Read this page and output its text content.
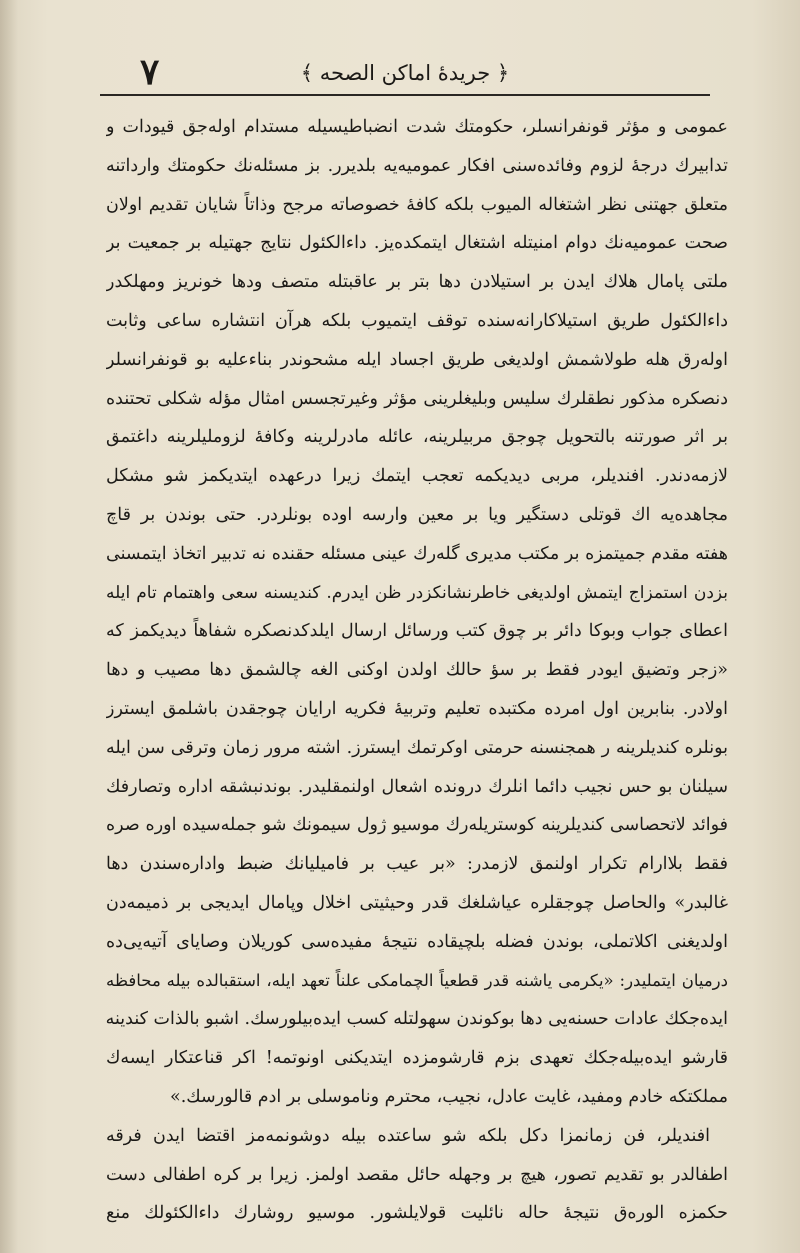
۷	﴿ جریدۀ اماکن الصحه ﴾
عمومی و مؤثر قونفرانسلر، حکومتك شدت انضباطیسیله مستدام اوله‌جق قیودات و
تدابیرك درجۀ لزوم وفائده‌سنی افکار عمومیه‌یه بلدیرر. بز مسئله‌نك حکومتك وارداتنه
متعلق جهتنی نظر اشتغاله المیوب بلکه کافۀ خصوصاته مرجح وذاتاً شایان تقدیم اولان
صحت عمومیه‌نك دوام امنیتله اشتغال ایتمکده‌یز. داءالکئول نتایج جهتیله بر جمعیت بر
ملتی پامال هلاك ایدن بر استیلادن دها بتر بر عاقبتله متصف ودها خونریز ومهلکدر
داءالکئول طریق استیلاکارانه‌سنده توقف ایتمیوب بلکه هرآن انتشاره ساعی وثابت
اوله‌رق هله طولاشمش اولدیغی طریق اجساد ایله مشحوندر بناءعلیه بو قونفرانسلر
دنصکره مذکور نطقلرك سلیس وبلیغلرینی مؤثر وغیرتجسس امثال مؤله شکلی تحتنده
بر اثر صورتنه بالتحویل چوجق مربیلرینه، عائله مادرلرینه وکافۀ لزوملیلرینه داغتمق
لازمه‌دندر. افندیلر، مربی دیدیکمه تعجب ایتمك زیرا درعهده ایتدیکمز شو مشکل
مجاهده‌یه اك قوتلی دستگیر ویا بر معین وارسه اوده بونلردر. حتی بوندن بر قاچ
هفته مقدم جمیتمزه بر مکتب مدیری گله‌رك عینی مسئله حقنده نه تدبیر اتخاذ ایتمسنی
بزدن استمزاج ایتمش اولدیغی خاطرنشانکزدر ظن ایدرم. کندیسنه سعی واهتمام تام ایله
اعطای جواب وبوکا دائر بر چوق کتب ورسائل ارسال ایلدکدنصکره شفاهاً دیدیکمز که
«زجر وتضیق ایودر فقط بر سؤ حالك اولدن اوکنی الغه چالشمق دها مصیب و دها
اولادر. بنابرین اول امرده مکتبده تعلیم وتربیۀ فکریه ارایان چوجقدن باشلمق ایسترز
بونلره کندیلرینه ر همجنسنه حرمتی اوکرتمك ایسترز. اشته مرور زمان وترقی سن ایله
سیلنان بو حس نجیب دائما انلرك درونده اشعال اولنمقلیدر. بوندنبشقه اداره وتصارفك
فوائد لاتحصاسی کندیلرینه کوستریله‌رك موسیو ژول سیمونك شو جمله‌سیده اوره صره
فقط بلاارام تکرار اولنمق لازمدر: «بر عیب بر فامیلیانك ضبط واداره‌سندن دها
غالبدر» والحاصل چوجقلره عیاشلغك قدر وحیثیتی اخلال وپامال ایدیجی بر ذمیمه‌دن
اولدیغنی اکلاتملی، بوندن فضله بلچیقاده نتیجۀ مفیده‌سی کوریلان وصایای آتیه‌یی‌ده
درمیان ایتملیدر: «یکرمی یاشنه قدر قطعیاً الچمامکی علناً تعهد ایله، استقبالده بیله محافظه
ایده‌جکك عادات حسنه‌یی دها بوکوندن سهولتله کسب ایده‌بیلورسك. اشبو بالذات کندینه
قارشو ایده‌بیله‌جکك تعهدی بزم قارشومزده ایتدیکنی اونوتمه! اکر قناعتکار ایسه‌ك
مملکتکه خادم ومفید، غایت عادل، نجیب، محترم وناموسلی بر ادم قالورسك.»
افندیلر، فن زمانمزا دکل بلکه شو ساعتده بیله دوشونمه‌مز اقتضا ایدن فرقه
اطفالدر بو تقدیم تصور، هیچ بر وجهله حائل مقصد اولمز. زیرا بر کره اطفالی دست
حکمزه الوره‌ق نتیجۀ حاله نائلیت قولایلشور. موسیو روشارك داءالکئولك منع
